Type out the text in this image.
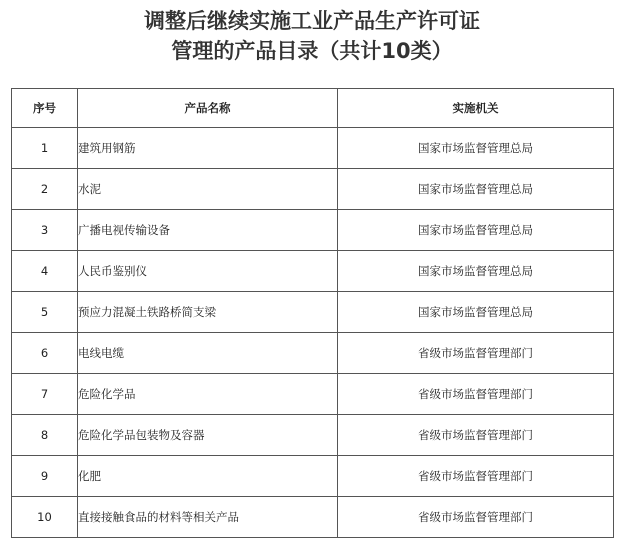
调整后继续实施工业产品生产许可证
管理的产品目录（共计10类）
序号	产品名称	实施机关
1	建筑用钢筋	国家市场监督管理总局
2	水泥	国家市场监督管理总局
3	广播电视传输设备	国家市场监督管理总局
4	人民币鉴别仪	国家市场监督管理总局
5	预应力混凝土铁路桥简支梁	国家市场监督管理总局
6	电线电缆	省级市场监督管理部门
7	危险化学品	省级市场监督管理部门
8	危险化学品包装物及容器	省级市场监督管理部门
9	化肥	省级市场监督管理部门
10	直接接触食品的材料等相关产品	省级市场监督管理部门
